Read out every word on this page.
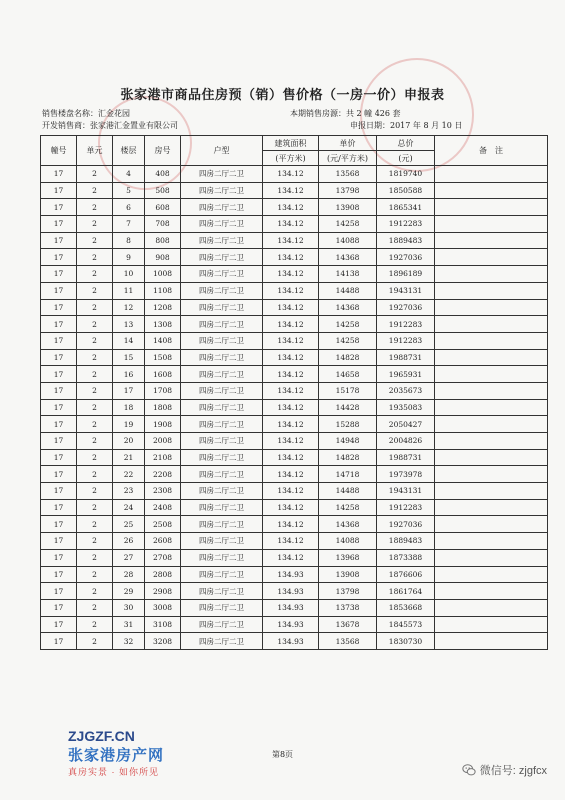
张家港市商品住房预（销）售价格（一房一价）申报表
销售楼盘名称：汇金花园
开发销售商：张家港汇金置业有限公司
本期销售房源：共 2 幢 426 套
申报日期：2017 年 8 月 10 日
幢号	单元	楼层	房号	户型	建筑面积	单价	总价	备　注
					(平方米)	(元/平方米)	(元)	
17	2	4	408	四房二厅二卫	134.12	13568	1819740	
17	2	5	508	四房二厅二卫	134.12	13798	1850588	
17	2	6	608	四房二厅二卫	134.12	13908	1865341	
17	2	7	708	四房二厅二卫	134.12	14258	1912283	
17	2	8	808	四房二厅二卫	134.12	14088	1889483	
17	2	9	908	四房二厅二卫	134.12	14368	1927036	
17	2	10	1008	四房二厅二卫	134.12	14138	1896189	
17	2	11	1108	四房二厅二卫	134.12	14488	1943131	
17	2	12	1208	四房二厅二卫	134.12	14368	1927036	
17	2	13	1308	四房二厅二卫	134.12	14258	1912283	
17	2	14	1408	四房二厅二卫	134.12	14258	1912283	
17	2	15	1508	四房二厅二卫	134.12	14828	1988731	
17	2	16	1608	四房二厅二卫	134.12	14658	1965931	
17	2	17	1708	四房二厅二卫	134.12	15178	2035673	
17	2	18	1808	四房二厅二卫	134.12	14428	1935083	
17	2	19	1908	四房二厅二卫	134.12	15288	2050427	
17	2	20	2008	四房二厅二卫	134.12	14948	2004826	
17	2	21	2108	四房二厅二卫	134.12	14828	1988731	
17	2	22	2208	四房二厅二卫	134.12	14718	1973978	
17	2	23	2308	四房二厅二卫	134.12	14488	1943131	
17	2	24	2408	四房二厅二卫	134.12	14258	1912283	
17	2	25	2508	四房二厅二卫	134.12	14368	1927036	
17	2	26	2608	四房二厅二卫	134.12	14088	1889483	
17	2	27	2708	四房二厅二卫	134.12	13968	1873388	
17	2	28	2808	四房二厅二卫	134.93	13908	1876606	
17	2	29	2908	四房二厅二卫	134.93	13798	1861764	
17	2	30	3008	四房二厅二卫	134.93	13738	1853668	
17	2	31	3108	四房二厅二卫	134.93	13678	1845573	
17	2	32	3208	四房二厅二卫	134.93	13568	1830730	
第8页
ZJGZF.CN
张家港房产网
真房实景 · 如你所见	微信号: zjgfcx
